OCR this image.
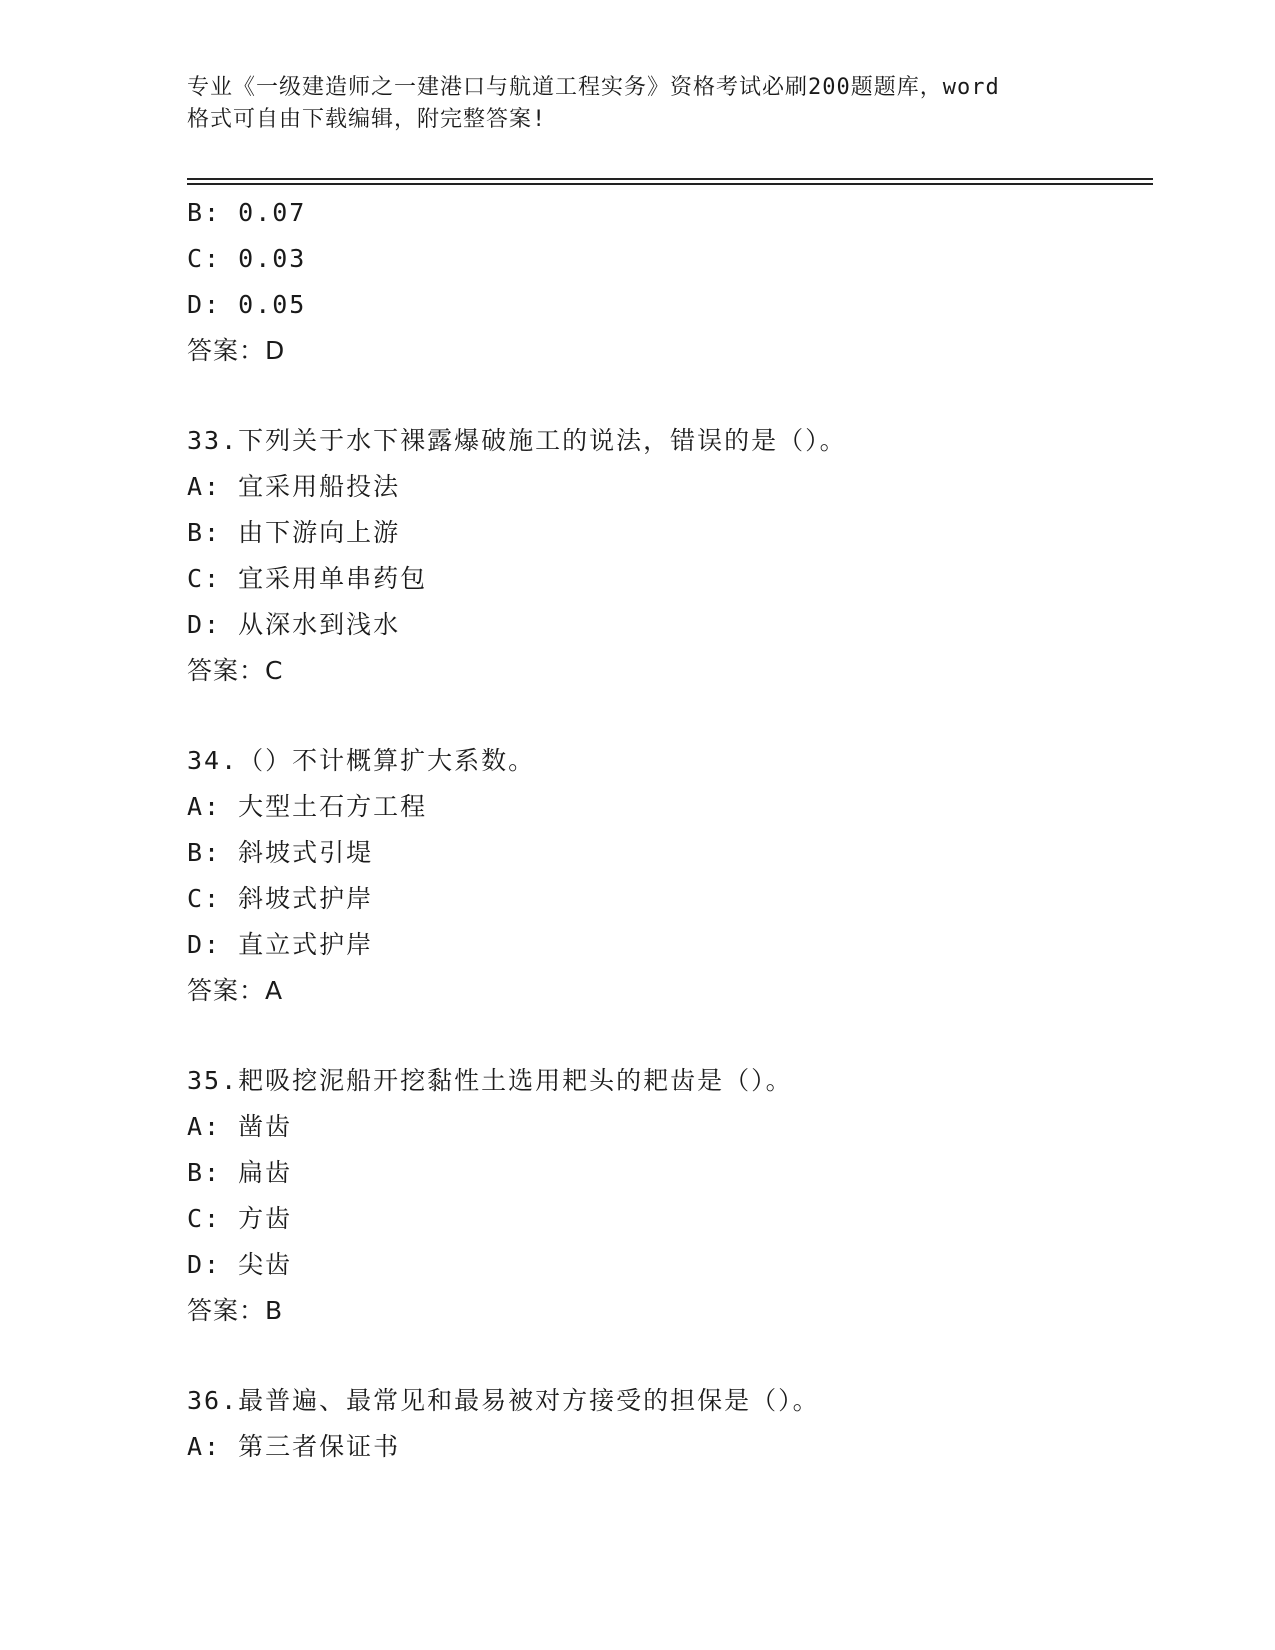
专业《一级建造师之一建港口与航道工程实务》资格考试必刷200题题库，word
格式可自由下载编辑，附完整答案!
B: 0.07
C: 0.03
D: 0.05
答案：D
33.下列关于水下裸露爆破施工的说法，错误的是（）。
A: 宜采用船投法
B: 由下游向上游
C: 宜采用单串药包
D: 从深水到浅水
答案：C
34.（）不计概算扩大系数。
A: 大型土石方工程
B: 斜坡式引堤
C: 斜坡式护岸
D: 直立式护岸
答案：A
35.耙吸挖泥船开挖黏性土选用耙头的耙齿是（）。
A: 凿齿
B: 扁齿
C: 方齿
D: 尖齿
答案：B
36.最普遍、最常见和最易被对方接受的担保是（）。
A: 第三者保证书
